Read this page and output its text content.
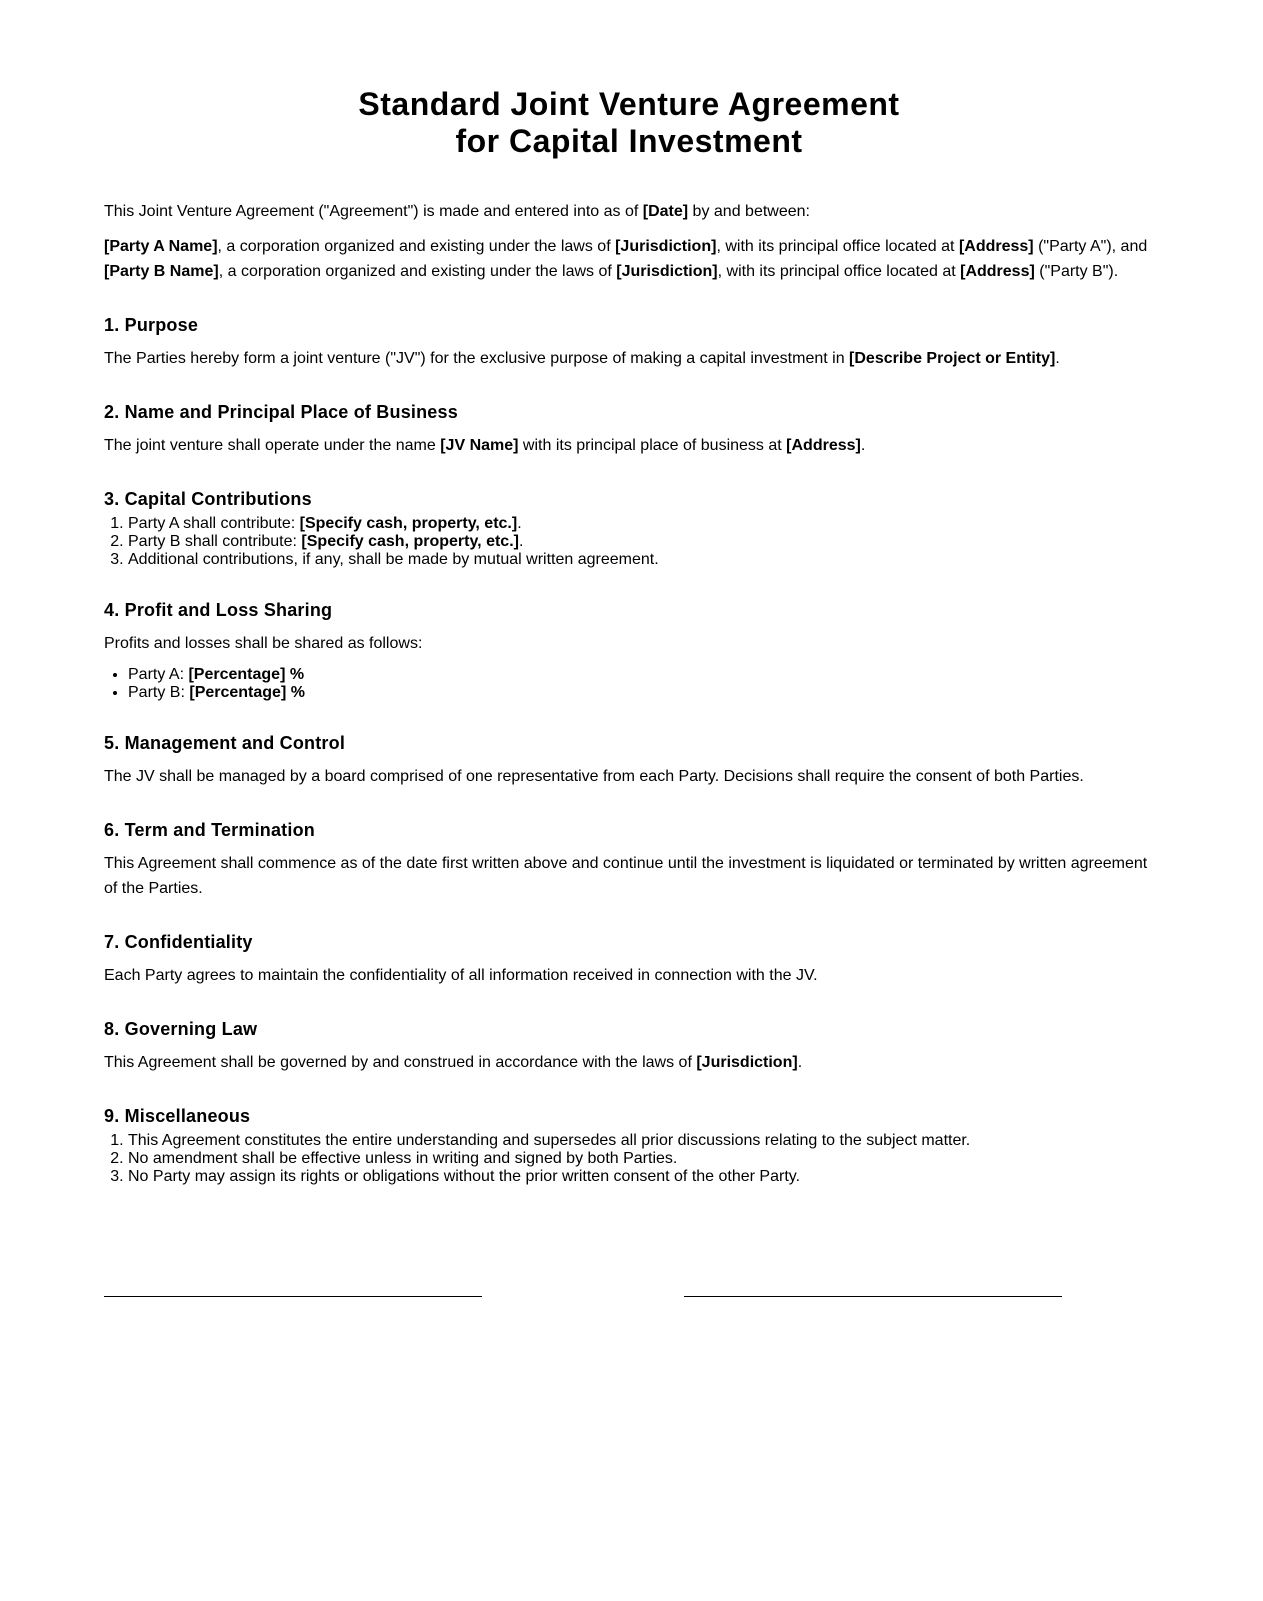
Standard Joint Venture Agreement
for Capital Investment

This Joint Venture Agreement ("Agreement") is made and entered into as of [Date] by and between:

[Party A Name], a corporation organized and existing under the laws of [Jurisdiction], with its principal office located at [Address] ("Party A"), and
[Party B Name], a corporation organized and existing under the laws of [Jurisdiction], with its principal office located at [Address] ("Party B").

1. Purpose

The Parties hereby form a joint venture ("JV") for the exclusive purpose of making a capital investment in [Describe Project or Entity].

2. Name and Principal Place of Business

The joint venture shall operate under the name [JV Name] with its principal place of business at [Address].

3. Capital Contributions
1. Party A shall contribute: [Specify cash, property, etc.].
2. Party B shall contribute: [Specify cash, property, etc.].
3. Additional contributions, if any, shall be made by mutual written agreement.
4. Profit and Loss Sharing

Profits and losses shall be shared as follows:

• Party A: [Percentage] %
• Party B: [Percentage] %
5. Management and Control

The JV shall be managed by a board comprised of one representative from each Party. Decisions shall require the consent of both Parties.

6. Term and Termination

This Agreement shall commence as of the date first written above and continue until the investment is liquidated or terminated by written agreement of the Parties.

7. Confidentiality

Each Party agrees to maintain the confidentiality of all information received in connection with the JV.

8. Governing Law

This Agreement shall be governed by and construed in accordance with the laws of [Jurisdiction].

9. Miscellaneous
1. This Agreement constitutes the entire understanding and supersedes all prior discussions relating to the subject matter.
2. No amendment shall be effective unless in writing and signed by both Parties.
3. No Party may assign its rights or obligations without the prior written consent of the other Party.
